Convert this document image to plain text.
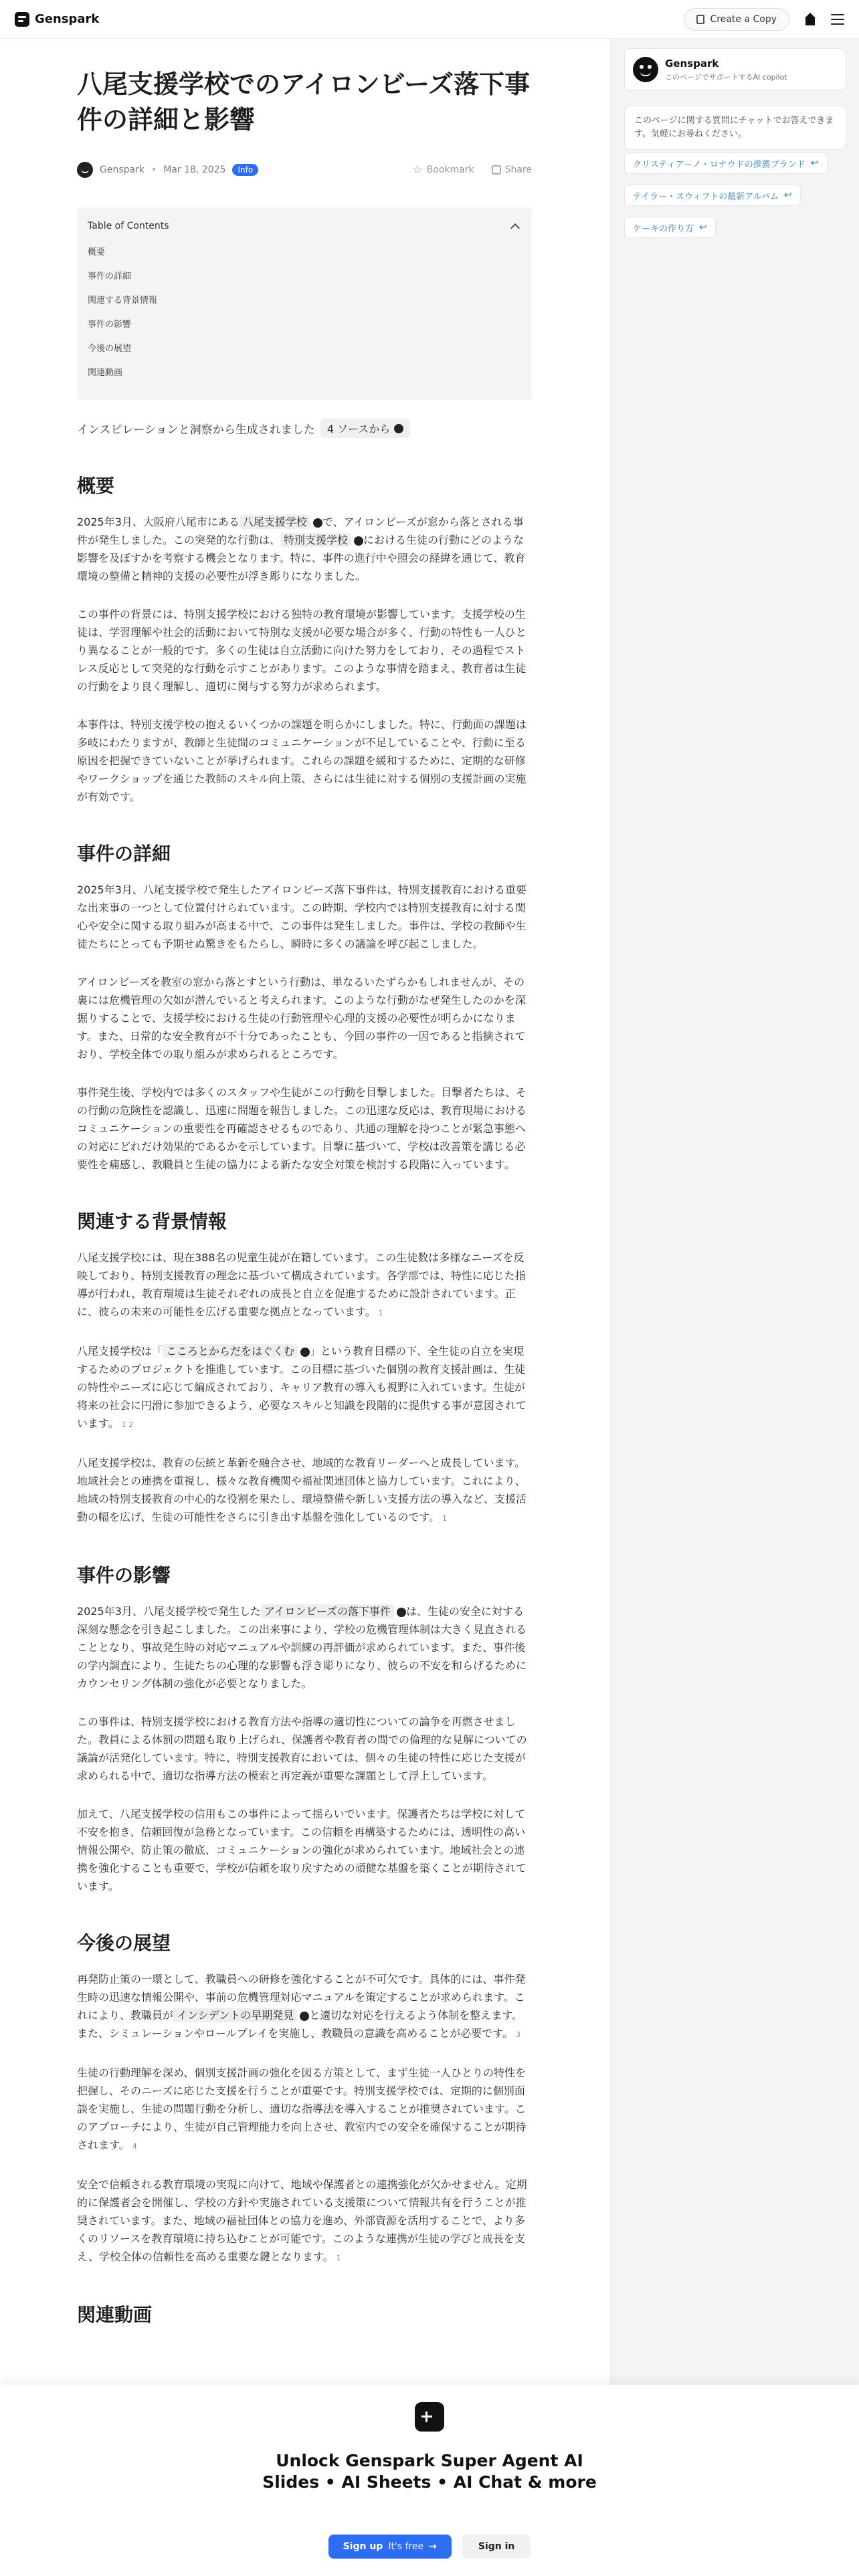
Genspark	Create a Copy
八尾支援学校でのアイロンビーズ落下事件の詳細と影響
Genspark • Mar 18, 2025	Info	☆ Bookmark	Share
Table of Contents
概要
事件の詳細
関連する背景情報
事件の影響
今後の展望
関連動画
インスピレーションと洞察から生成されました 4 ソースから
概要

2025年3月、大阪府八尾市にある 八尾支援学校 で、アイロンビーズが窓から落とされる事件が発生しました。この突発的な行動は、 特別支援学校 における生徒の行動にどのような影響を及ぼすかを考察する機会となります。特に、事件の進行中や照会の経緯を通じて、教育環境の整備と精神的支援の必要性が浮き彫りになりました。

この事件の背景には、特別支援学校における独特の教育環境が影響しています。支援学校の生徒は、学習理解や社会的活動において特別な支援が必要な場合が多く、行動の特性も一人ひとり異なることが一般的です。多くの生徒は自立活動に向けた努力をしており、その過程でストレス反応として突発的な行動を示すことがあります。このような事情を踏まえ、教育者は生徒の行動をより良く理解し、適切に関与する努力が求められます。

本事件は、特別支援学校の抱えるいくつかの課題を明らかにしました。特に、行動面の課題は多岐にわたりますが、教師と生徒間のコミュニケーションが不足していることや、行動に至る原因を把握できていないことが挙げられます。これらの課題を緩和するために、定期的な研修やワークショップを通じた教師のスキル向上策、さらには生徒に対する個別の支援計画の実施が有効です。

事件の詳細

2025年3月、八尾支援学校で発生したアイロンビーズ落下事件は、特別支援教育における重要な出来事の一つとして位置付けられています。この時期、学校内では特別支援教育に対する関心や安全に関する取り組みが高まる中で、この事件は発生しました。事件は、学校の教師や生徒たちにとっても予期せぬ驚きをもたらし、瞬時に多くの議論を呼び起こしました。

アイロンビーズを教室の窓から落とすという行動は、単なるいたずらかもしれませんが、その裏には危機管理の欠如が潜んでいると考えられます。このような行動がなぜ発生したのかを深掘りすることで、支援学校における生徒の行動管理や心理的支援の必要性が明らかになります。また、日常的な安全教育が不十分であったことも、今回の事件の一因であると指摘されており、学校全体での取り組みが求められるところです。

事件発生後、学校内では多くのスタッフや生徒がこの行動を目撃しました。目撃者たちは、その行動の危険性を認識し、迅速に問題を報告しました。この迅速な反応は、教育現場におけるコミュニケーションの重要性を再確認させるものであり、共通の理解を持つことが緊急事態への対応にどれだけ効果的であるかを示しています。目撃に基づいて、学校は改善策を講じる必要性を痛感し、教職員と生徒の協力による新たな安全対策を検討する段階に入っています。

関連する背景情報

八尾支援学校には、現在388名の児童生徒が在籍しています。この生徒数は多様なニーズを反映しており、特別支援教育の理念に基づいて構成されています。各学部では、特性に応じた指導が行われ、教育環境は生徒それぞれの成長と自立を促進するために設計されています。正に、彼らの未来の可能性を広げる重要な拠点となっています。 1

八尾支援学校は「 こころとからだをはぐくむ 」という教育目標の下、全生徒の自立を実現するためのプロジェクトを推進しています。この目標に基づいた個別の教育支援計画は、生徒の特性やニーズに応じて編成されており、キャリア教育の導入も視野に入れています。生徒が将来の社会に円滑に参加できるよう、必要なスキルと知識を段階的に提供する事が意図されています。 1 2

八尾支援学校は、教育の伝統と革新を融合させ、地域的な教育リーダーへと成長しています。地域社会との連携を重視し、様々な教育機関や福祉関連団体と協力しています。これにより、地域の特別支援教育の中心的な役割を果たし、環境整備や新しい支援方法の導入など、支援活動の幅を広げ、生徒の可能性をさらに引き出す基盤を強化しているのです。 1

事件の影響

2025年3月、八尾支援学校で発生した アイロンビーズの落下事件 は、生徒の安全に対する深刻な懸念を引き起こしました。この出来事により、学校の危機管理体制は大きく見直されることとなり、事故発生時の対応マニュアルや訓練の再評価が求められています。また、事件後の学内調査により、生徒たちの心理的な影響も浮き彫りになり、彼らの不安を和らげるためにカウンセリング体制の強化が必要となりました。

この事件は、特別支援学校における教育方法や指導の適切性についての論争を再燃させました。教員による体罰の問題も取り上げられ、保護者や教育者の間での倫理的な見解についての議論が活発化しています。特に、特別支援教育においては、個々の生徒の特性に応じた支援が求められる中で、適切な指導方法の模索と再定義が重要な課題として浮上しています。

加えて、八尾支援学校の信用もこの事件によって揺らいでいます。保護者たちは学校に対して不安を抱き、信頼回復が急務となっています。この信頼を再構築するためには、透明性の高い情報公開や、防止策の徹底、コミュニケーションの強化が求められています。地域社会との連携を強化することも重要で、学校が信頼を取り戻すための頑健な基盤を築くことが期待されています。

今後の展望

再発防止策の一環として、教職員への研修を強化することが不可欠です。具体的には、事件発生時の迅速な情報公開や、事前の危機管理対応マニュアルを策定することが求められます。これにより、教職員が インシデントの早期発見 と適切な対応を行えるよう体制を整えます。また、シミュレーションやロールプレイを実施し、教職員の意識を高めることが必要です。 3

生徒の行動理解を深め、個別支援計画の強化を図る方策として、まず生徒一人ひとりの特性を把握し、そのニーズに応じた支援を行うことが重要です。特別支援学校では、定期的に個別面談を実施し、生徒の問題行動を分析し、適切な指導法を導入することが推奨されています。このアプローチにより、生徒が自己管理能力を向上させ、教室内での安全を確保することが期待されます。 4

安全で信頼される教育環境の実現に向けて、地域や保護者との連携強化が欠かせません。定期的に保護者会を開催し、学校の方針や実施されている支援策について情報共有を行うことが推奨されています。また、地域の福祉団体との協力を進め、外部資源を活用することで、より多くのリソースを教育環境に持ち込むことが可能です。このような連携が生徒の学びと成長を支え、学校全体の信頼性を高める重要な鍵となります。 1

関連動画
Genspark
このページでサポートするAI copilot
このページに関する質問にチャットでお答えできます。気軽にお尋ねください。
クリスティアーノ・ロナウドの推薦ブランド ↩
テイラー・スウィフトの最新アルバム ↩
ケーキの作り方 ↩
Unlock Genspark Super Agent AI Slides • AI Sheets • AI Chat & more
Sign up It's free →	Sign in
